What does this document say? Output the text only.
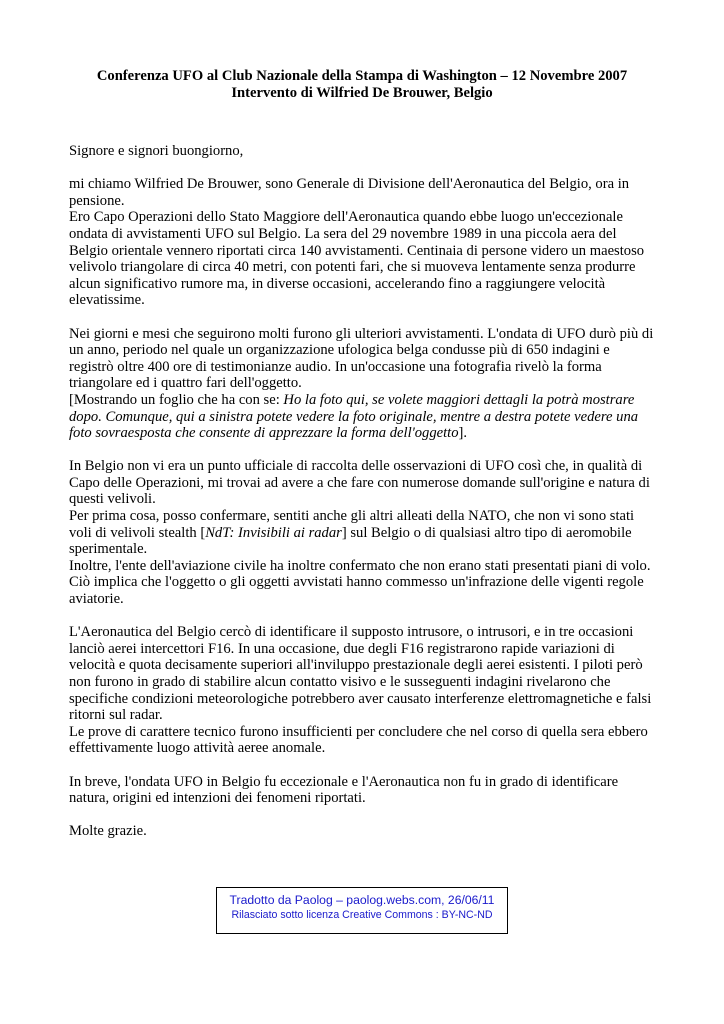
Conferenza UFO al Club Nazionale della Stampa di Washington – 12 Novembre 2007
Intervento di Wilfried De Brouwer, Belgio

Signore e signori buongiorno,

mi chiamo Wilfried De Brouwer, sono Generale di Divisione dell'Aeronautica del Belgio, ora in pensione.

Ero Capo Operazioni dello Stato Maggiore dell'Aeronautica quando ebbe luogo un'eccezionale ondata di avvistamenti UFO sul Belgio. La sera del 29 novembre 1989 in una piccola aera del Belgio orientale vennero riportati circa 140 avvistamenti. Centinaia di persone videro un maestoso velivolo triangolare di circa 40 metri, con potenti fari, che si muoveva lentamente senza produrre alcun significativo rumore ma, in diverse occasioni, accelerando fino a raggiungere velocità elevatissime.

Nei giorni e mesi che seguirono molti furono gli ulteriori avvistamenti. L'ondata di UFO durò più di un anno, periodo nel quale un organizzazione ufologica belga condusse più di 650 indagini e registrò oltre 400 ore di testimonianze audio. In un'occasione una fotografia rivelò la forma triangolare ed i quattro fari dell'oggetto.

[Mostrando un foglio che ha con se: Ho la foto qui, se volete maggiori dettagli la potrà mostrare dopo. Comunque, qui a sinistra potete vedere la foto originale, mentre a destra potete vedere una foto sovraesposta che consente di apprezzare la forma dell'oggetto].

In Belgio non vi era un punto ufficiale di raccolta delle osservazioni di UFO così che, in qualità di Capo delle Operazioni, mi trovai ad avere a che fare con numerose domande sull'origine e natura di questi velivoli.

Per prima cosa, posso confermare, sentiti anche gli altri alleati della NATO, che non vi sono stati voli di velivoli stealth [NdT: Invisibili ai radar] sul Belgio o di qualsiasi altro tipo di aeromobile sperimentale.

Inoltre, l'ente dell'aviazione civile ha inoltre confermato che non erano stati presentati piani di volo. Ciò implica che l'oggetto o gli oggetti avvistati hanno commesso un'infrazione delle vigenti regole aviatorie.

L'Aeronautica del Belgio cercò di identificare il supposto intrusore, o intrusori, e in tre occasioni lanciò aerei intercettori F16. In una occasione, due degli F16 registrarono rapide variazioni di velocità e quota decisamente superiori all'inviluppo prestazionale degli aerei esistenti. I piloti però non furono in grado di stabilire alcun contatto visivo e le susseguenti indagini rivelarono che specifiche condizioni meteorologiche potrebbero aver causato interferenze elettromagnetiche e falsi ritorni sul radar.

Le prove di carattere tecnico furono insufficienti per concludere che nel corso di quella sera ebbero effettivamente luogo attività aeree anomale.

In breve, l'ondata UFO in Belgio fu eccezionale e l'Aeronautica non fu in grado di identificare natura, origini ed intenzioni dei fenomeni riportati.

Molte grazie.

Tradotto da Paolog – paolog.webs.com, 26/06/11
Rilasciato sotto licenza Creative Commons : BY-NC-ND
